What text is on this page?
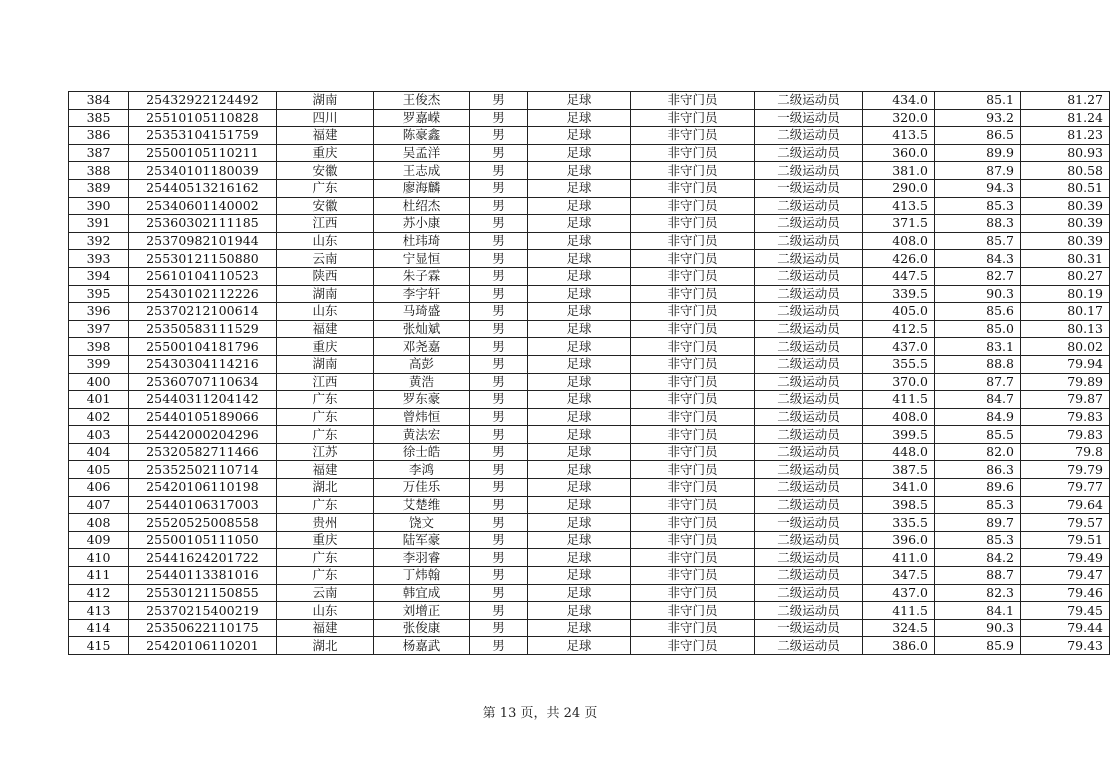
384	25432922124492	湖南	王俊杰	男	足球	非守门员	二级运动员	434.0	85.1	81.27
385	25510105110828	四川	罗嘉嵘	男	足球	非守门员	一级运动员	320.0	93.2	81.24
386	25353104151759	福建	陈豪鑫	男	足球	非守门员	二级运动员	413.5	86.5	81.23
387	25500105110211	重庆	吴孟洋	男	足球	非守门员	二级运动员	360.0	89.9	80.93
388	25340101180039	安徽	王志成	男	足球	非守门员	二级运动员	381.0	87.9	80.58
389	25440513216162	广东	廖海麟	男	足球	非守门员	一级运动员	290.0	94.3	80.51
390	25340601140002	安徽	杜绍杰	男	足球	非守门员	二级运动员	413.5	85.3	80.39
391	25360302111185	江西	苏小康	男	足球	非守门员	二级运动员	371.5	88.3	80.39
392	25370982101944	山东	杜玮琦	男	足球	非守门员	二级运动员	408.0	85.7	80.39
393	25530121150880	云南	宁显恒	男	足球	非守门员	二级运动员	426.0	84.3	80.31
394	25610104110523	陕西	朱子霖	男	足球	非守门员	二级运动员	447.5	82.7	80.27
395	25430102112226	湖南	李宇轩	男	足球	非守门员	二级运动员	339.5	90.3	80.19
396	25370212100614	山东	马琦盛	男	足球	非守门员	二级运动员	405.0	85.6	80.17
397	25350583111529	福建	张灿斌	男	足球	非守门员	二级运动员	412.5	85.0	80.13
398	25500104181796	重庆	邓尧嘉	男	足球	非守门员	二级运动员	437.0	83.1	80.02
399	25430304114216	湖南	高彭	男	足球	非守门员	二级运动员	355.5	88.8	79.94
400	25360707110634	江西	黄浩	男	足球	非守门员	二级运动员	370.0	87.7	79.89
401	25440311204142	广东	罗东豪	男	足球	非守门员	二级运动员	411.5	84.7	79.87
402	25440105189066	广东	曾炜恒	男	足球	非守门员	二级运动员	408.0	84.9	79.83
403	25442000204296	广东	黄法宏	男	足球	非守门员	二级运动员	399.5	85.5	79.83
404	25320582711466	江苏	徐士皓	男	足球	非守门员	二级运动员	448.0	82.0	79.8
405	25352502110714	福建	李鸿	男	足球	非守门员	二级运动员	387.5	86.3	79.79
406	25420106110198	湖北	万佳乐	男	足球	非守门员	二级运动员	341.0	89.6	79.77
407	25440106317003	广东	艾楚维	男	足球	非守门员	二级运动员	398.5	85.3	79.64
408	25520525008558	贵州	饶文	男	足球	非守门员	一级运动员	335.5	89.7	79.57
409	25500105111050	重庆	陆军豪	男	足球	非守门员	二级运动员	396.0	85.3	79.51
410	25441624201722	广东	李羽睿	男	足球	非守门员	二级运动员	411.0	84.2	79.49
411	25440113381016	广东	丁炜翰	男	足球	非守门员	二级运动员	347.5	88.7	79.47
412	25530121150855	云南	韩宜成	男	足球	非守门员	二级运动员	437.0	82.3	79.46
413	25370215400219	山东	刘增正	男	足球	非守门员	二级运动员	411.5	84.1	79.45
414	25350622110175	福建	张俊康	男	足球	非守门员	一级运动员	324.5	90.3	79.44
415	25420106110201	湖北	杨嘉武	男	足球	非守门员	二级运动员	386.0	85.9	79.43
第 13 页，共 24 页
